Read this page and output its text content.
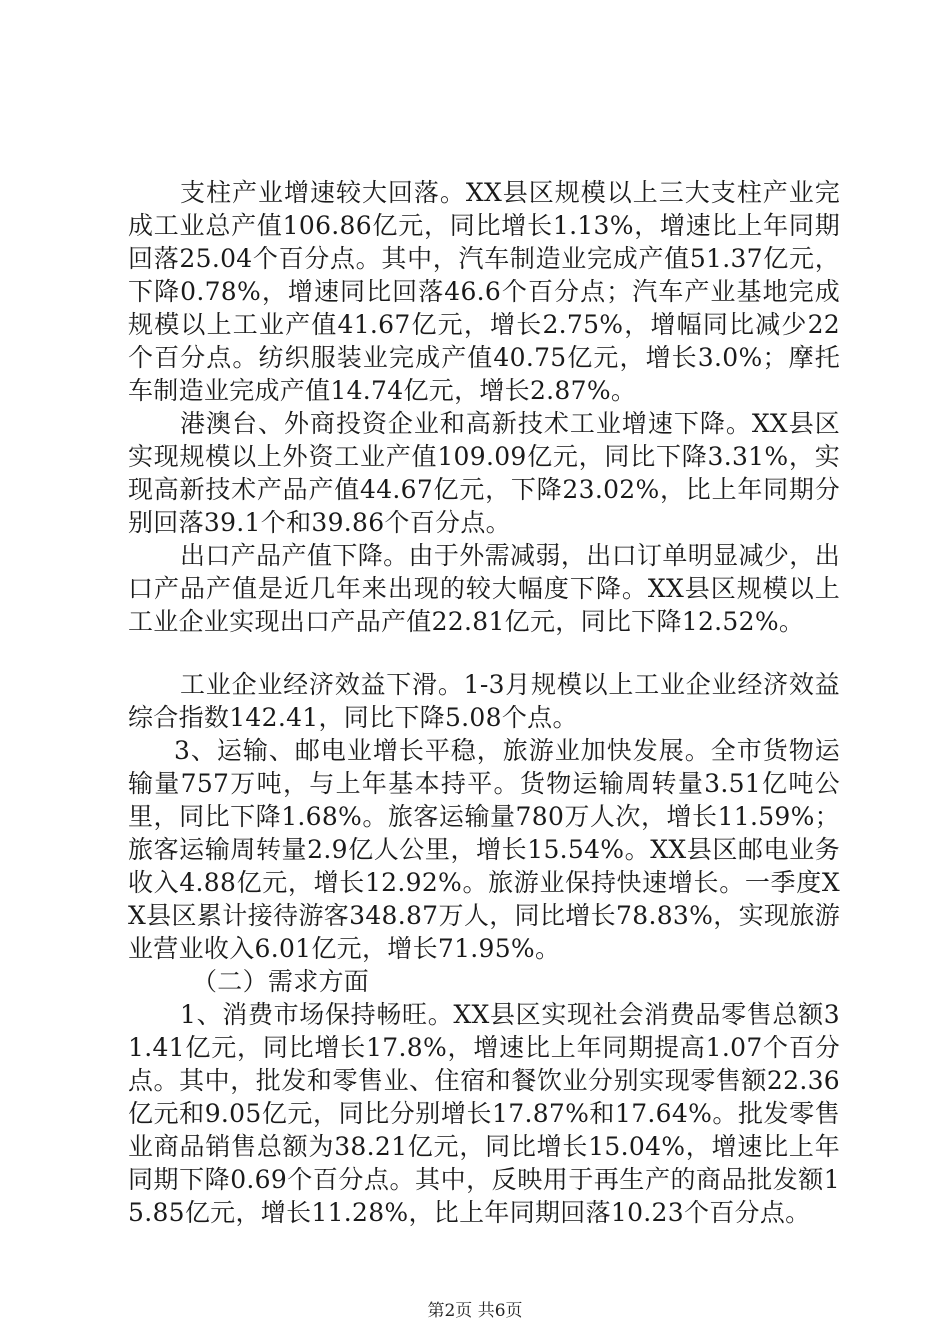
支柱产业增速较大回落。XX县区规模以上三大支柱产业完成工业总产值106.86亿元，同比增长1.13%，增速比上年同期回落25.04个百分点。其中，汽车制造业完成产值51.37亿元，下降0.78%，增速同比回落46.6个百分点；汽车产业基地完成规模以上工业产值41.67亿元，增长2.75%，增幅同比减少22个百分点。纺织服装业完成产值40.75亿元，增长3.0%；摩托车制造业完成产值14.74亿元，增长2.87%。

港澳台、外商投资企业和高新技术工业增速下降。XX县区实现规模以上外资工业产值109.09亿元，同比下降3.31%，实现高新技术产品产值44.67亿元，下降23.02%，比上年同期分别回落39.1个和39.86个百分点。

出口产品产值下降。由于外需减弱，出口订单明显减少，出口产品产值是近几年来出现的较大幅度下降。XX县区规模以上工业企业实现出口产品产值22.81亿元，同比下降12.52%。

工业企业经济效益下滑。1-3月规模以上工业企业经济效益综合指数142.41，同比下降5.08个点。

3、运输、邮电业增长平稳，旅游业加快发展。全市货物运输量757万吨，与上年基本持平。货物运输周转量3.51亿吨公里，同比下降1.68%。旅客运输量780万人次，增长11.59%；旅客运输周转量2.9亿人公里，增长15.54%。XX县区邮电业务收入4.88亿元，增长12.92%。旅游业保持快速增长。一季度XX县区累计接待游客348.87万人，同比增长78.83%，实现旅游业营业收入6.01亿元，增长71.95%。

（二）需求方面

1、消费市场保持畅旺。XX县区实现社会消费品零售总额31.41亿元，同比增长17.8%，增速比上年同期提高1.07个百分点。其中，批发和零售业、住宿和餐饮业分别实现零售额22.36亿元和9.05亿元，同比分别增长17.87%和17.64%。批发零售业商品销售总额为38.21亿元，同比增长15.04%，增速比上年同期下降0.69个百分点。其中，反映用于再生产的商品批发额15.85亿元，增长11.28%，比上年同期回落10.23个百分点。

第2页 共6页
